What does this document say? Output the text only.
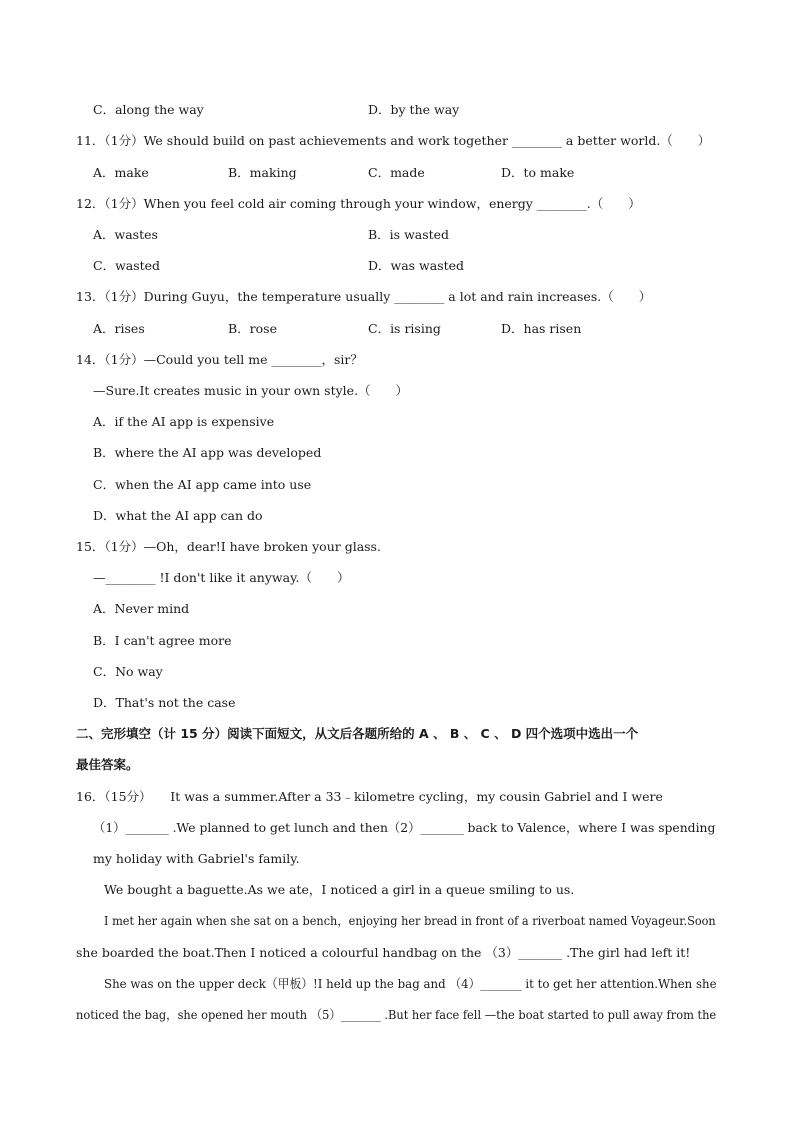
C．along the way	D．by the way
11．（1分）We should build on past achievements and work together ________ a better world.（　　）
A．make	B．making	C．made	D．to make
12．（1分）When you feel cold air coming through your window，energy ________.（　　）
A．wastes	B．is wasted
C．wasted	D．was wasted
13．（1分）During Guyu，the temperature usually ________ a lot and rain increases.（　　）
A．rises	B．rose	C．is rising	D．has risen
14．（1分）—Could you tell me ________，sir？
—Sure.It creates music in your own style.（　　）
A．if the AI app is expensive
B．where the AI app was developed
C．when the AI app came into use
D．what the AI app can do
15．（1分）—Oh，dear!I have broken your glass.
—________ !I don't like it anyway.（　　）
A．Never mind
B．I can't agree more
C．No way
D．That's not the case
二、完形填空（计 15 分）阅读下面短文，从文后各题所给的 A 、 B 、 C 、 D 四个选项中选出一个
最佳答案。
16．（15分）　　It was a summer.After a 33﹣kilometre cycling，my cousin Gabriel and I were
（1）_______ .We planned to get lunch and then（2）_______ back to Valence，where I was spending
my holiday with Gabriel's family.
We bought a baguette.As we ate，I noticed a girl in a queue smiling to us.
I met her again when she sat on a bench，enjoying her bread in front of a riverboat named Voyageur.Soon
she boarded the boat.Then I noticed a colourful handbag on the （3）_______ .The girl had left it!
She was on the upper deck（甲板）!I held up the bag and （4）_______ it to get her attention.When she
noticed the bag，she opened her mouth （5）_______ .But her face fell —the boat started to pull away from the
